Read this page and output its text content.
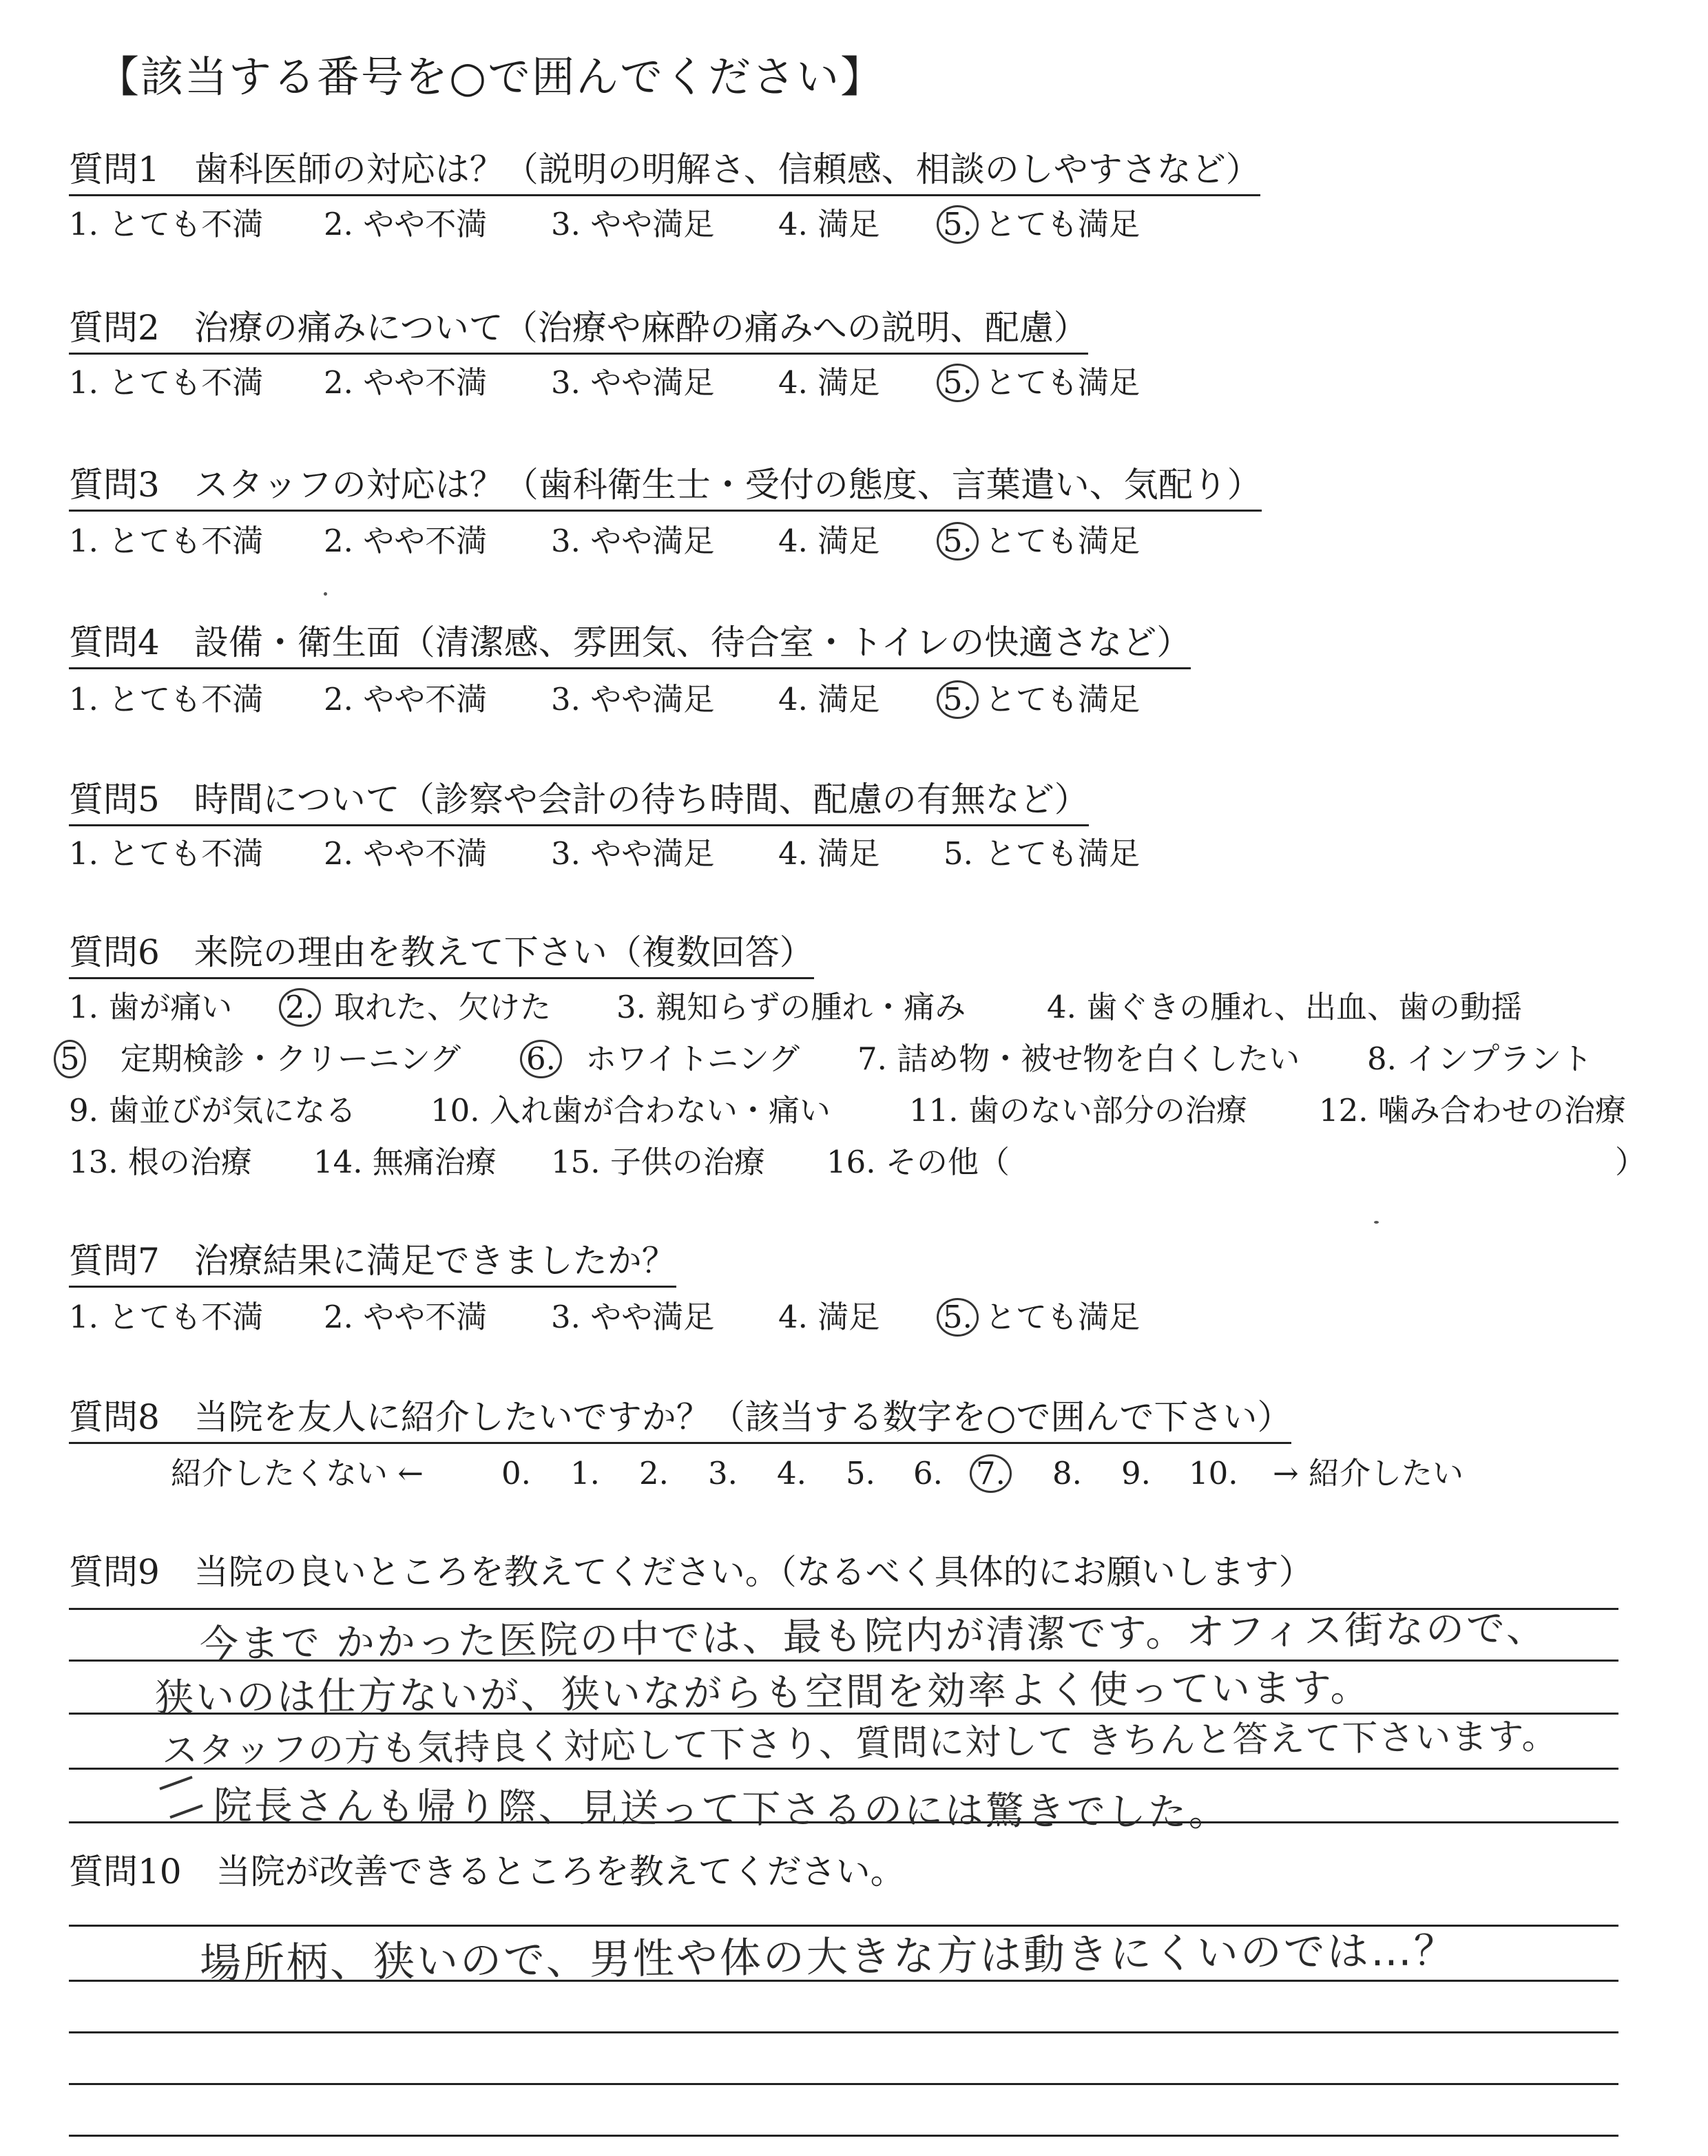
【該当する番号を○で囲んでください】
質問1　歯科医師の対応は？（説明の明解さ、信頼感、相談のしやすさなど）
1. とても不満 2. やや不満 3. やや満足 4. 満足 5. とても満足
質問2　治療の痛みについて（治療や麻酔の痛みへの説明、配慮）
1. とても不満 2. やや不満 3. やや満足 4. 満足 5. とても満足
質問3　スタッフの対応は？（歯科衛生士・受付の態度、言葉遣い、気配り）
1. とても不満 2. やや不満 3. やや満足 4. 満足 5. とても満足
質問4　設備・衛生面（清潔感、雰囲気、待合室・トイレの快適さなど）
1. とても不満 2. やや不満 3. やや満足 4. 満足 5. とても満足
質問5　時間について（診察や会計の待ち時間、配慮の有無など）
1. とても不満 2. やや不満 3. やや満足 4. 満足 5. とても満足
質問6　来院の理由を教えて下さい（複数回答）
1. 歯が痛い 2. 取れた、欠けた 3. 親知らずの腫れ・痛み	4. 歯ぐきの腫れ、出血、歯の動揺
5 定期検診・クリーニング 6. ホワイトニング 7. 詰め物・被せ物を白くしたい 8. インプラント
9. 歯並びが気になる 10. 入れ歯が合わない・痛い	11. 歯のない部分の治療 12. 噛み合わせの治療
13. 根の治療 14. 無痛治療 15. 子供の治療 16. その他（	）
質問7　治療結果に満足できましたか？
1. とても不満 2. やや不満 3. やや満足 4. 満足 5. とても満足
質問8　当院を友人に紹介したいですか？（該当する数字を○で囲んで下さい）
紹介したくない ←	0. 1. 2. 3. 4. 5. 6. 7. 8. 9. 10. → 紹介したい
質問9　当院の良いところを教えてください。（なるべく具体的にお願いします）
今まで かかった医院の中では、最も院内が清潔です。オフィス街なので、
狭いのは仕方ないが、狭いながらも空間を効率よく使っています。
スタッフの方も気持良く対応して下さり、質問に対して きちんと答えて下さいます。
院長さんも帰り際、見送って下さるのには驚きでした。
質問10　当院が改善できるところを教えてください。
場所柄、狭いので、男性や体の大きな方は動きにくいのでは…？
